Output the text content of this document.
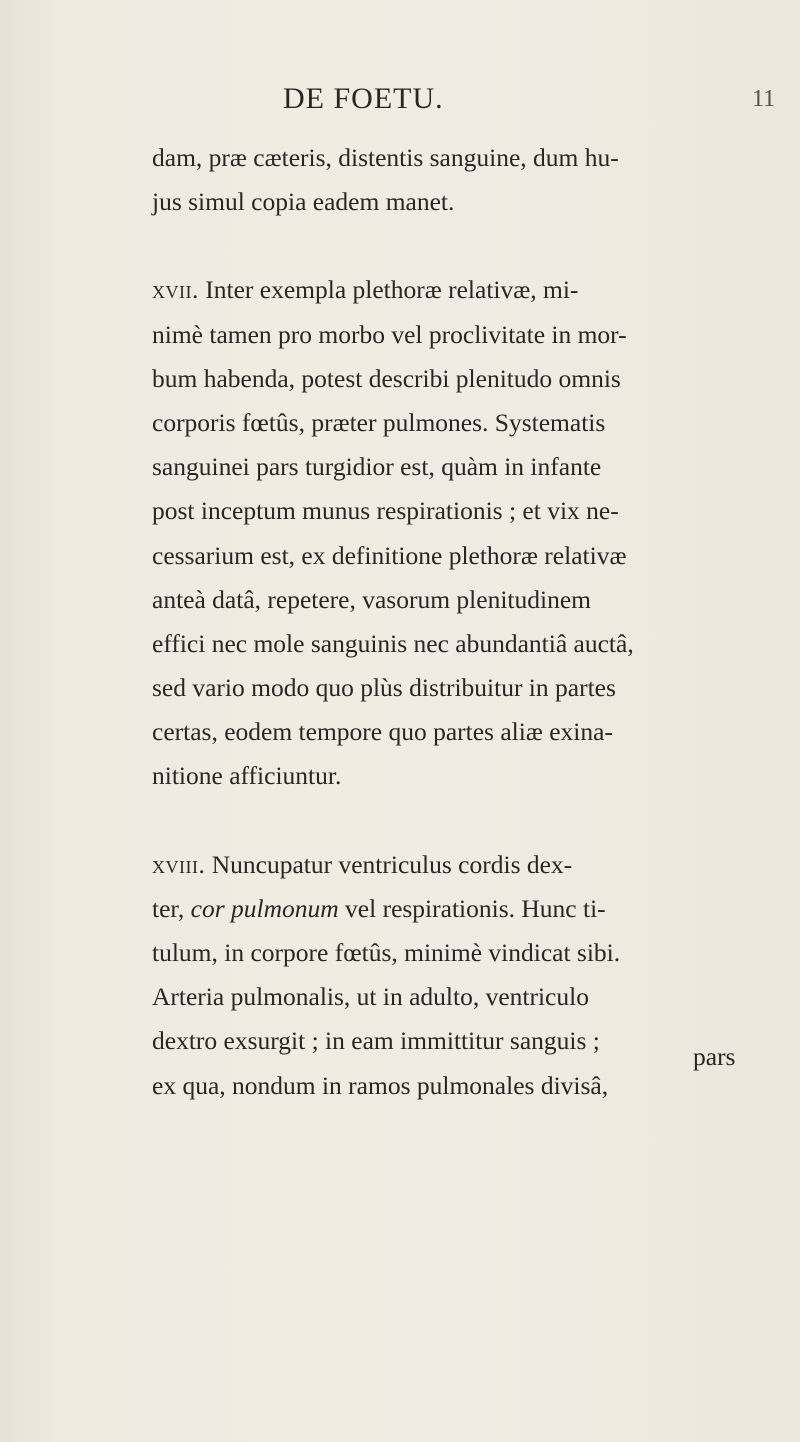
DE FOETU.	11
dam, præ cæteris, distentis sanguine, dum hu-
jus simul copia eadem manet.
xvii. Inter exempla plethoræ relativæ, mi-
nimè tamen pro morbo vel proclivitate in mor-
bum habenda, potest describi plenitudo omnis
corporis fœtûs, præter pulmones. Systematis
sanguinei pars turgidior est, quàm in infante
post inceptum munus respirationis ; et vix ne-
cessarium est, ex definitione plethoræ relativæ
anteà datâ, repetere, vasorum plenitudinem
effici nec mole sanguinis nec abundantiâ auctâ,
sed vario modo quo plùs distribuitur in partes
certas, eodem tempore quo partes aliæ exina-
nitione afficiuntur.
xviii. Nuncupatur ventriculus cordis dex-
ter, cor pulmonum vel respirationis. Hunc ti-
tulum, in corpore fœtûs, minimè vindicat sibi.
Arteria pulmonalis, ut in adulto, ventriculo
dextro exsurgit ; in eam immittitur sanguis ;
ex qua, nondum in ramos pulmonales divisâ,
pars
